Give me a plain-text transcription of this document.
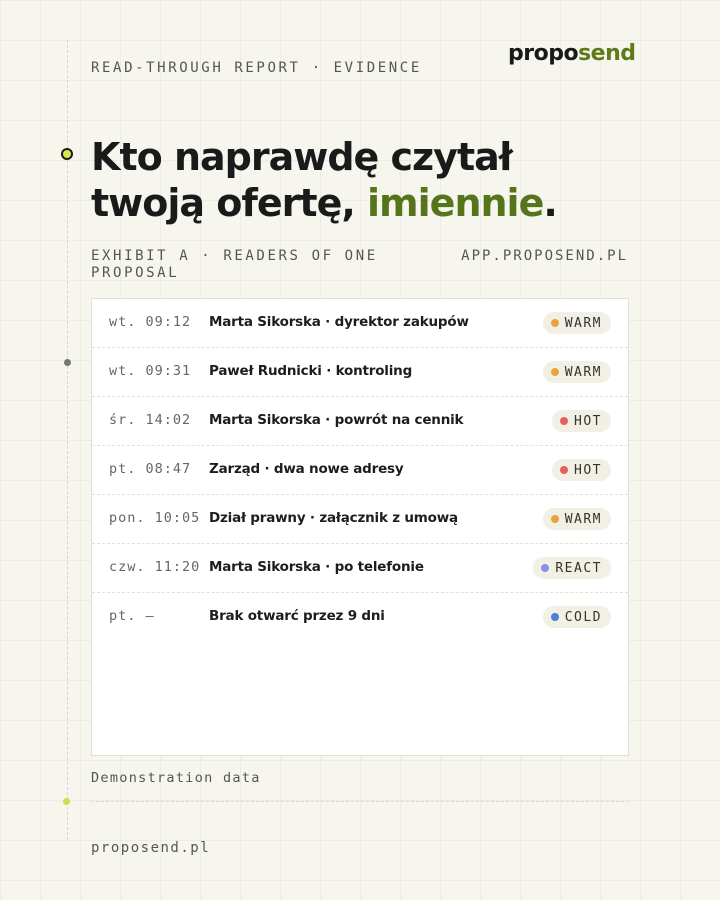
READ-THROUGH REPORT · EVIDENCE
proposend
Kto naprawdę czytał
twoją ofertę, imiennie.
EXHIBIT A · READERS OF ONE PROPOSAL
APP.PROPOSEND.PL
wt. 09:12 Marta Sikorska · dyrektor zakupów	WARM
wt. 09:31 Paweł Rudnicki · kontroling	WARM
śr. 14:02 Marta Sikorska · powrót na cennik	HOT
pt. 08:47 Zarząd · dwa nowe adresy	HOT
pon. 10:05 Dział prawny · załącznik z umową	WARM
czw. 11:20 Marta Sikorska · po telefonie	REACT
pt. —	Brak otwarć przez 9 dni	COLD
Demonstration data
proposend.pl
